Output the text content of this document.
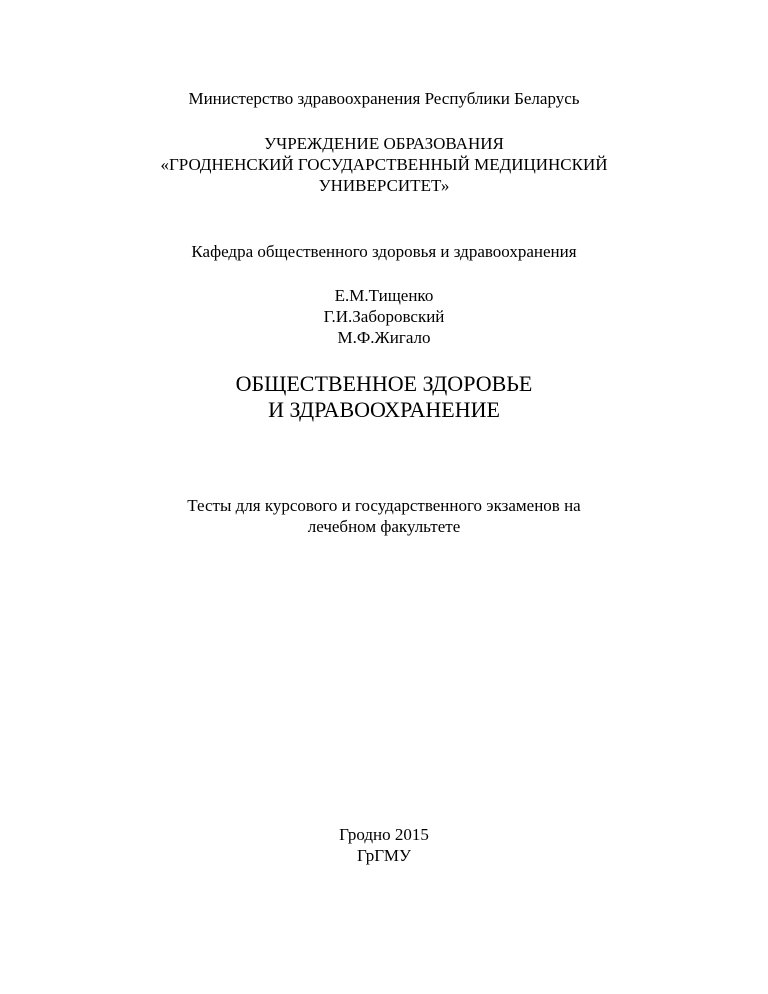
Министерство здравоохранения Республики Беларусь
УЧРЕЖДЕНИЕ ОБРАЗОВАНИЯ
«ГРОДНЕНСКИЙ ГОСУДАРСТВЕННЫЙ МЕДИЦИНСКИЙ
УНИВЕРСИТЕТ»
Кафедра общественного здоровья и здравоохранения
Е.М.Тищенко
Г.И.Заборовский
М.Ф.Жигало
ОБЩЕСТВЕННОЕ ЗДОРОВЬЕ
И ЗДРАВООХРАНЕНИЕ
Тесты для курсового и государственного экзаменов на
лечебном факультете
Гродно 2015
ГрГМУ
